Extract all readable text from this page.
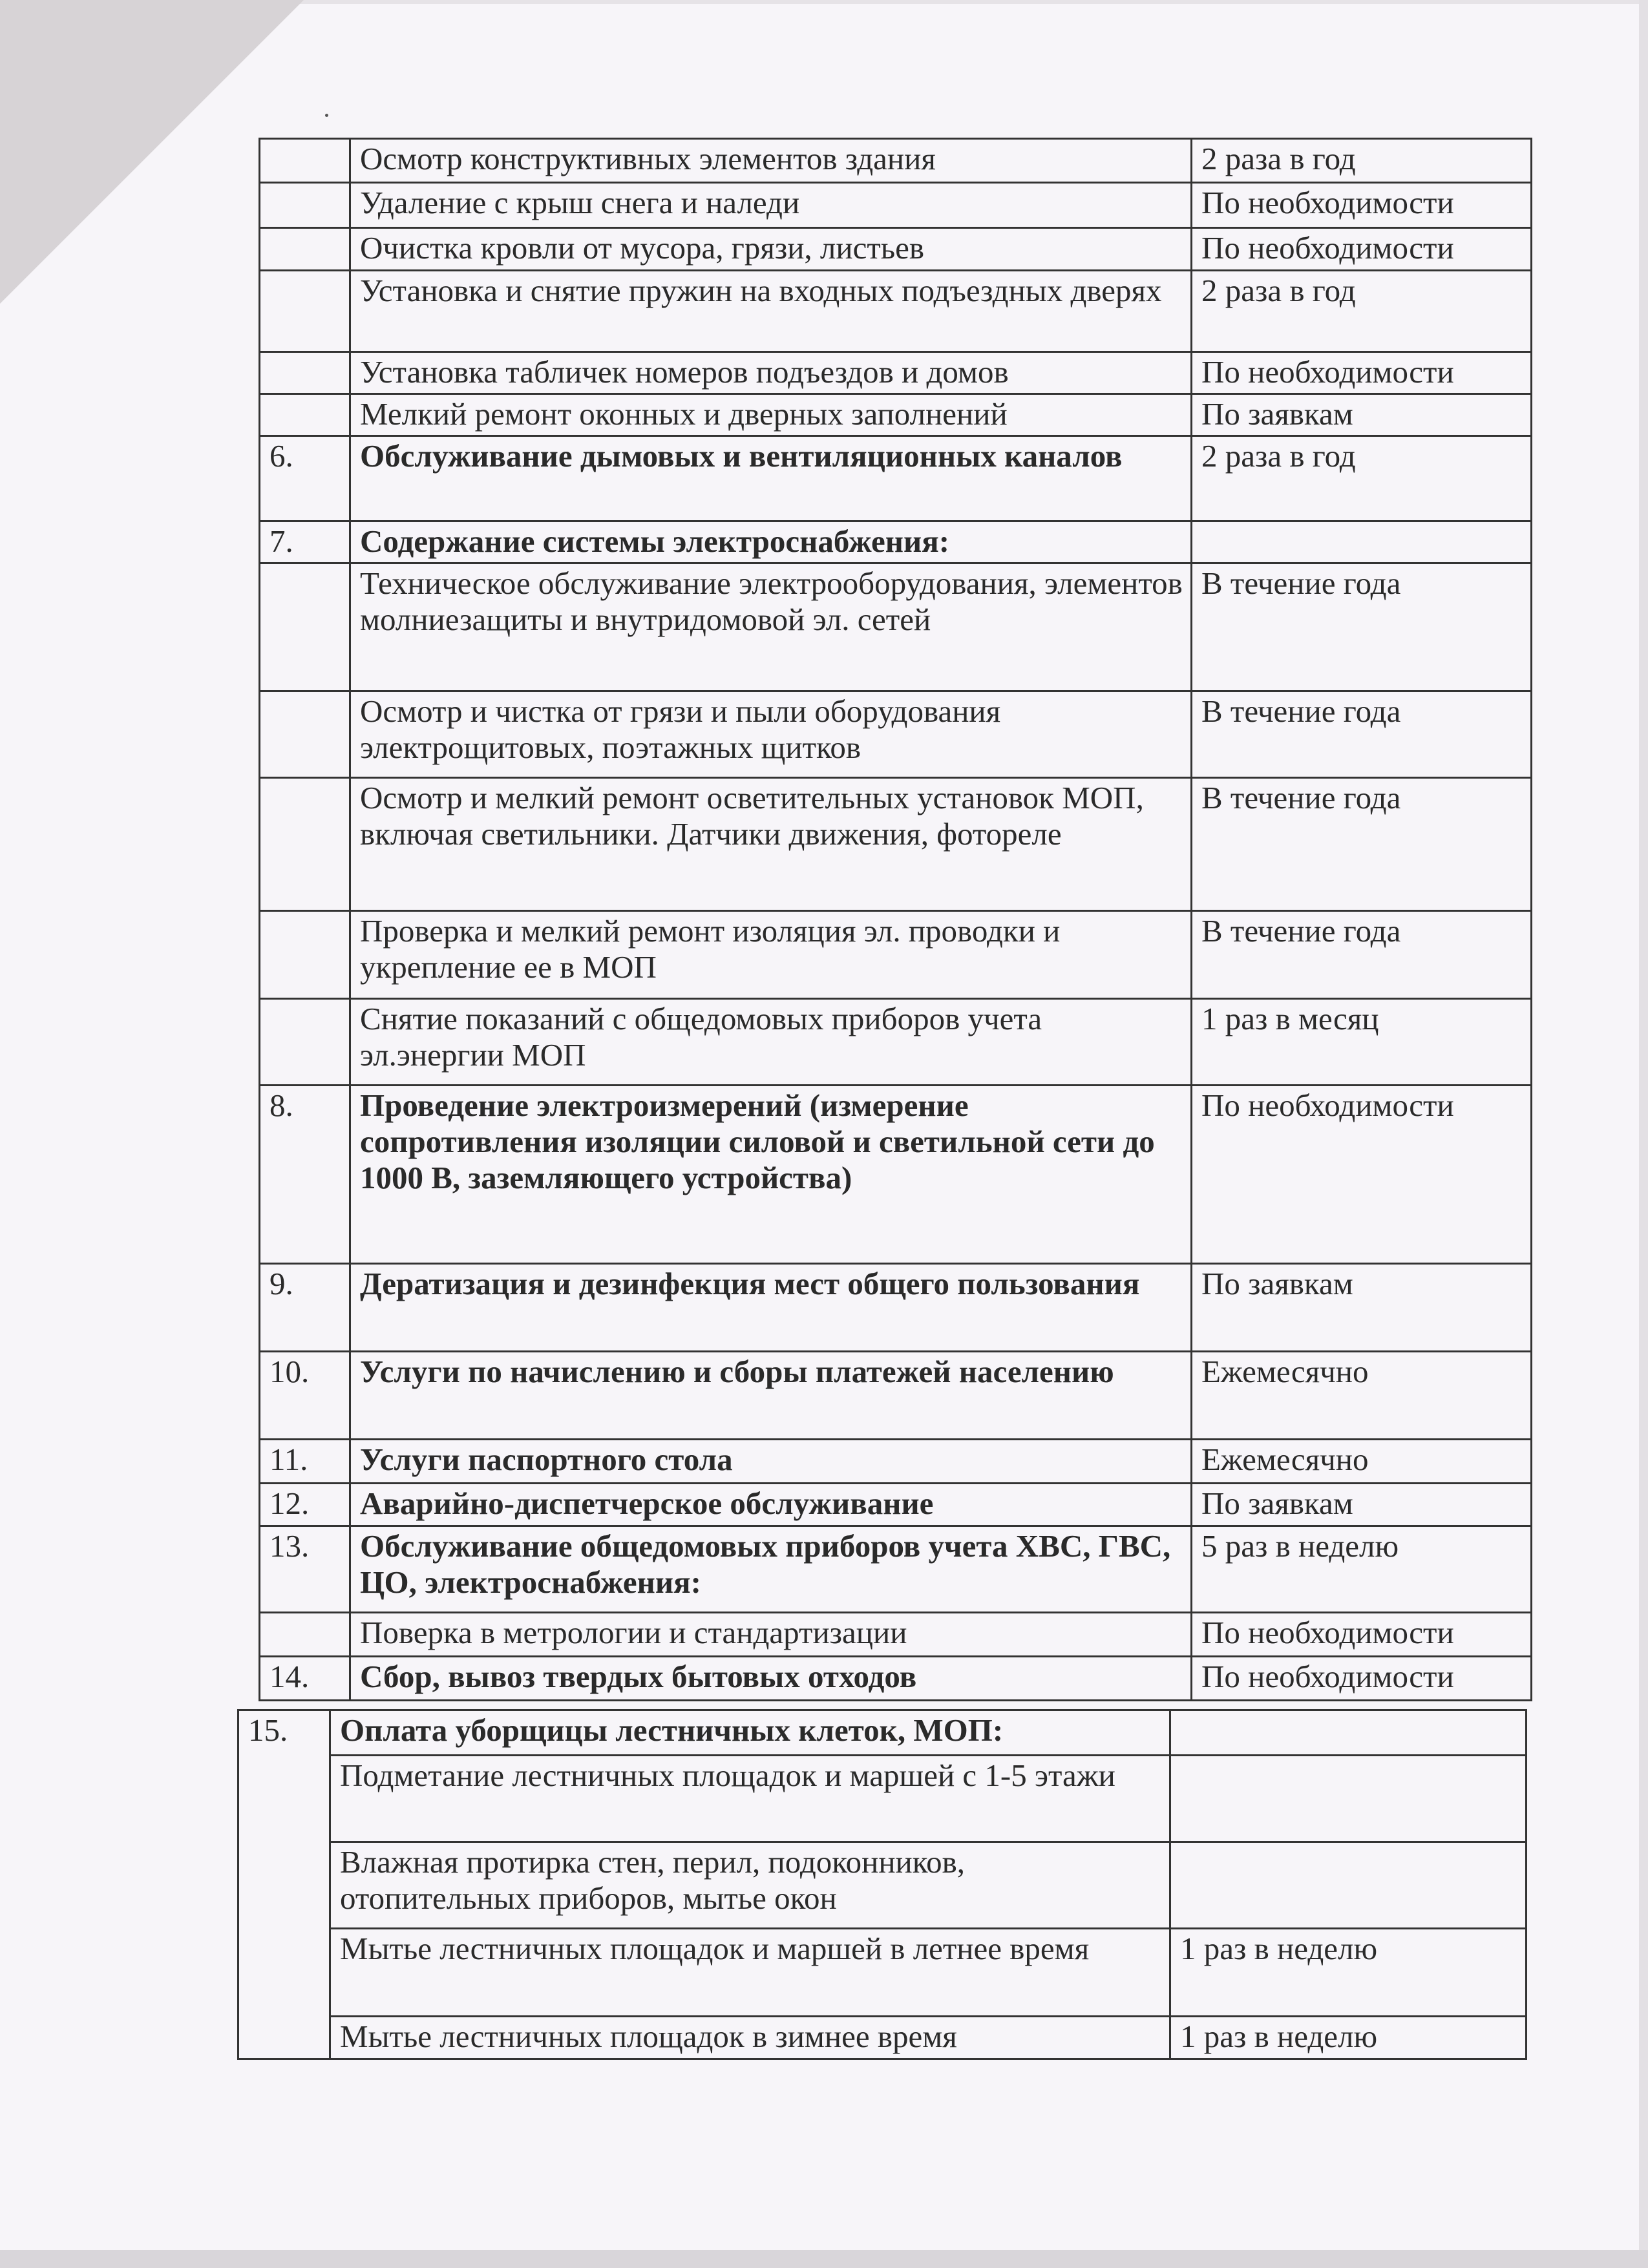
	Осмотр конструктивных элементов здания	2 раза в год
	Удаление с крыш снега и наледи	По необходимости
	Очистка кровли от мусора, грязи, листьев	По необходимости
	Установка и снятие пружин на входных подъездных дверях	2 раза в год
	Установка табличек номеров подъездов и домов	По необходимости
	Мелкий ремонт оконных и дверных заполнений	По заявкам
6.	Обслуживание дымовых и вентиляционных каналов	2 раза в год
7.	Содержание системы электроснабжения:	
	Техническое обслуживание электрооборудования, элементов молниезащиты и внутридомовой эл. сетей	В течение года
	Осмотр и чистка от грязи и пыли оборудования электрощитовых, поэтажных щитков	В течение года
	Осмотр и мелкий ремонт осветительных установок МОП, включая светильники. Датчики движения, фотореле	В течение года
	Проверка и мелкий ремонт изоляция эл. проводки и укрепление ее в МОП	В течение года
	Снятие показаний с общедомовых приборов учета эл.энергии МОП	1 раз в месяц
8.	Проведение электроизмерений (измерение сопротивления изоляции силовой и светильной сети до 1000 В, заземляющего устройства)	По необходимости
9.	Дератизация и дезинфекция мест общего пользования	По заявкам
10.	Услуги по начислению и сборы платежей населению	Ежемесячно
11.	Услуги паспортного стола	Ежемесячно
12.	Аварийно-диспетчерское обслуживание	По заявкам
13.	Обслуживание общедомовых приборов учета ХВС, ГВС, ЦО, электроснабжения:	5 раз в неделю
	Поверка в метрологии и стандартизации	По необходимости
14.	Сбор, вывоз твердых бытовых отходов	По необходимости
15.	Оплата уборщицы лестничных клеток, МОП:	
	Подметание лестничных площадок и маршей с 1-5 этажи	
	Влажная протирка стен, перил, подоконников, отопительных приборов, мытье окон	
	Мытье лестничных площадок и маршей в летнее время	1 раз в неделю
	Мытье лестничных площадок в зимнее время	1 раз в неделю
